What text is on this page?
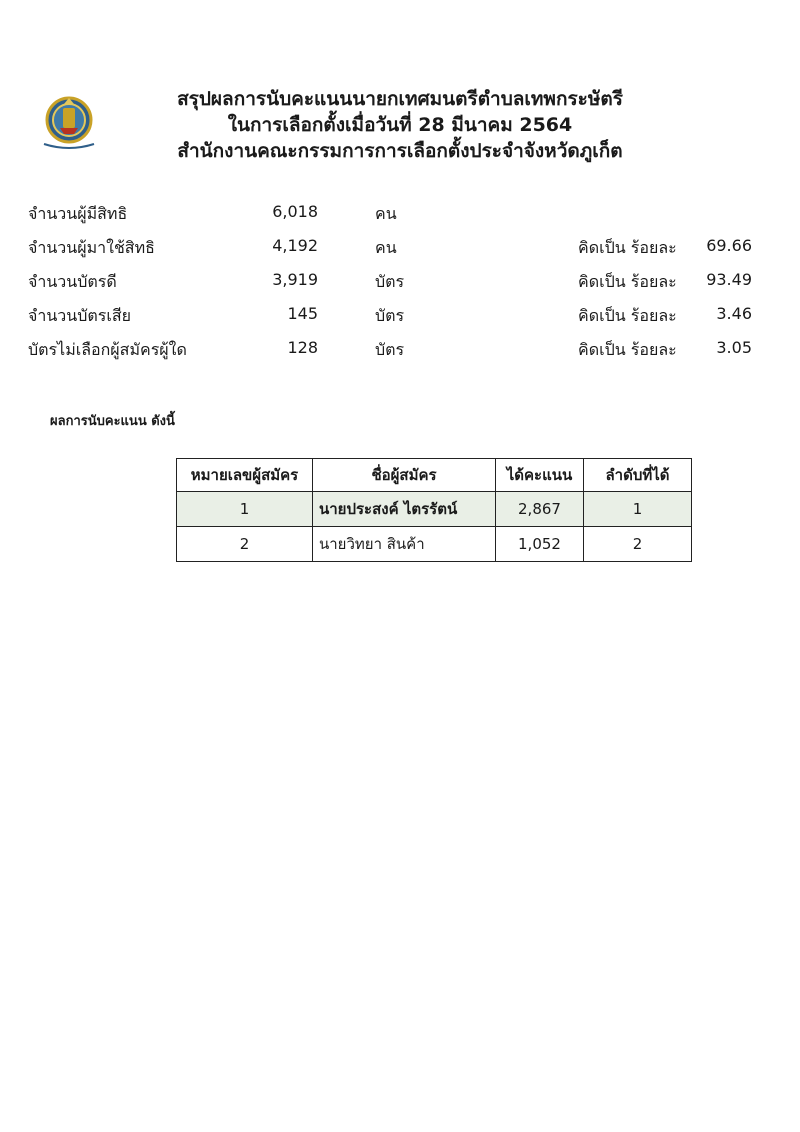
สรุปผลการนับคะแนนนายกเทศมนตรีตำบลเทพกระษัตรี
ในการเลือกตั้งเมื่อวันที่ 28 มีนาคม 2564
สำนักงานคณะกรรมการการเลือกตั้งประจำจังหวัดภูเก็ต
จำนวนผู้มีสิทธิ	6,018	คน
จำนวนผู้มาใช้สิทธิ	4,192	คน	คิดเป็น ร้อยละ 69.66
จำนวนบัตรดี	3,919	บัตร	คิดเป็น ร้อยละ 93.49
จำนวนบัตรเสีย	145	บัตร	คิดเป็น ร้อยละ 3.46
บัตรไม่เลือกผู้สมัครผู้ใด	128	บัตร	คิดเป็น ร้อยละ 3.05
ผลการนับคะแนน ดังนี้
หมายเลขผู้สมัคร	ชื่อผู้สมัคร	ได้คะแนน	ลำดับที่ได้
1	นายประสงค์ ไตรรัตน์	2,867	1
2	นายวิทยา สินค้า	1,052	2
